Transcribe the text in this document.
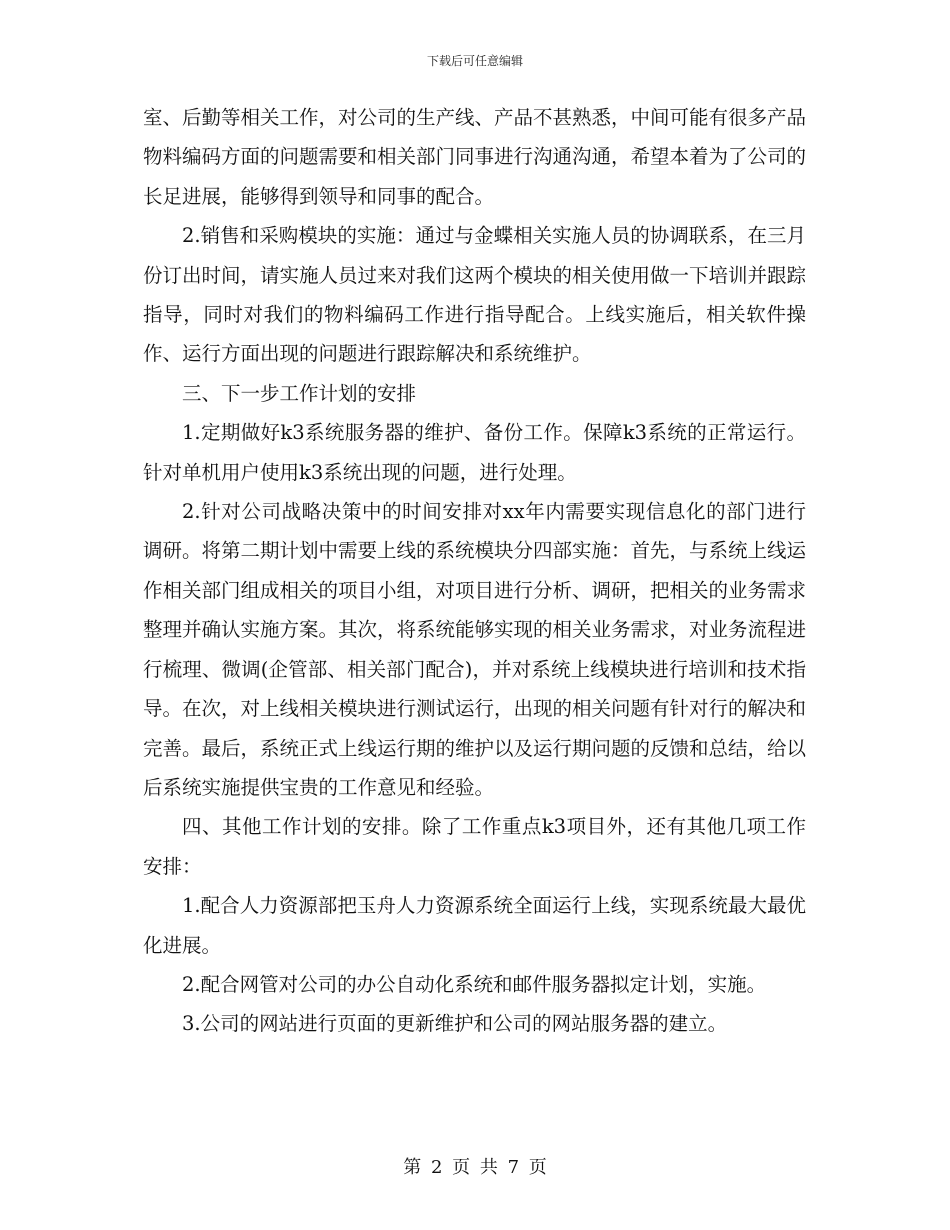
下载后可任意编辑

室、后勤等相关工作，对公司的生产线、产品不甚熟悉，中间可能有很多产品物料编码方面的问题需要和相关部门同事进行沟通沟通，希望本着为了公司的长足进展，能够得到领导和同事的配合。

2.销售和采购模块的实施：通过与金蝶相关实施人员的协调联系，在三月份订出时间，请实施人员过来对我们这两个模块的相关使用做一下培训并跟踪指导，同时对我们的物料编码工作进行指导配合。上线实施后，相关软件操作、运行方面出现的问题进行跟踪解决和系统维护。

三、下一步工作计划的安排

1.定期做好k3系统服务器的维护、备份工作。保障k3系统的正常运行。针对单机用户使用k3系统出现的问题，进行处理。

2.针对公司战略决策中的时间安排对xx年内需要实现信息化的部门进行调研。将第二期计划中需要上线的系统模块分四部实施：首先，与系统上线运作相关部门组成相关的项目小组，对项目进行分析、调研，把相关的业务需求整理并确认实施方案。其次，将系统能够实现的相关业务需求，对业务流程进行梳理、微调(企管部、相关部门配合)，并对系统上线模块进行培训和技术指导。在次，对上线相关模块进行测试运行，出现的相关问题有针对行的解决和完善。最后，系统正式上线运行期的维护以及运行期问题的反馈和总结，给以后系统实施提供宝贵的工作意见和经验。

四、其他工作计划的安排。除了工作重点k3项目外，还有其他几项工作安排：

1.配合人力资源部把玉舟人力资源系统全面运行上线，实现系统最大最优化进展。

2.配合网管对公司的办公自动化系统和邮件服务器拟定计划，实施。

3.公司的网站进行页面的更新维护和公司的网站服务器的建立。

第 2 页 共 7 页
